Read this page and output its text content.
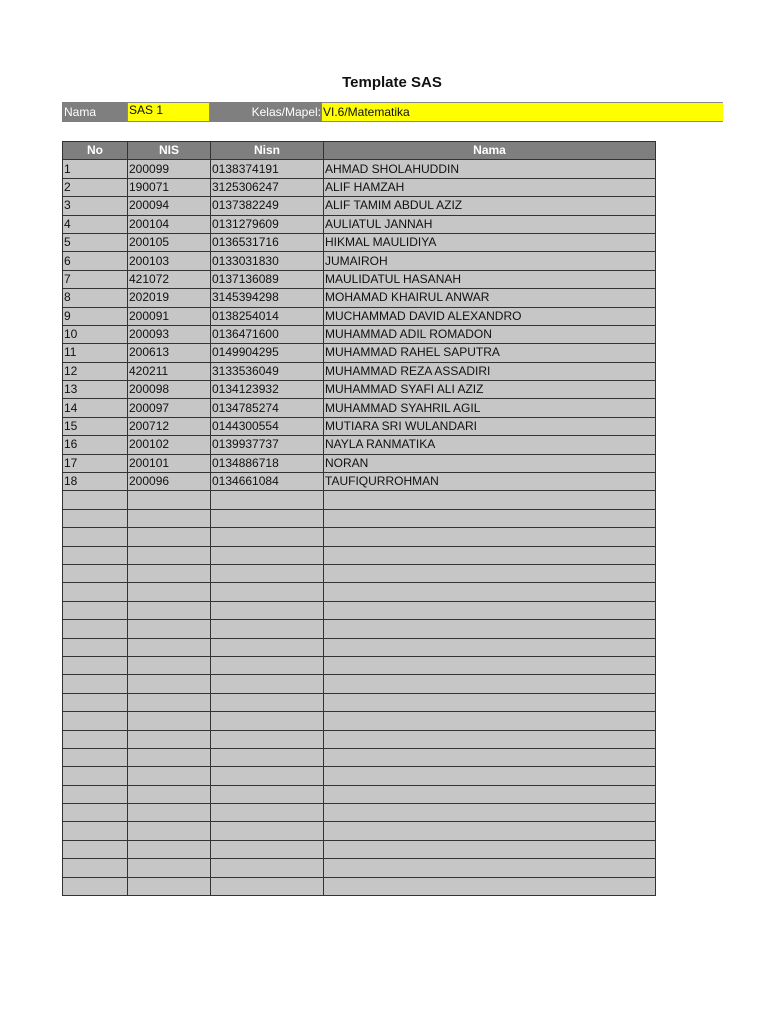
Template SAS
Nama	SAS 1	Kelas/Mapel: VI.6/Matematika
No	NIS	Nisn	Nama
1	200099	0138374191	AHMAD SHOLAHUDDIN
2	190071	3125306247	ALIF HAMZAH
3	200094	0137382249	ALIF TAMIM ABDUL AZIZ
4	200104	0131279609	AULIATUL JANNAH
5	200105	0136531716	HIKMAL MAULIDIYA
6	200103	0133031830	JUMAIROH
7	421072	0137136089	MAULIDATUL HASANAH
8	202019	3145394298	MOHAMAD KHAIRUL ANWAR
9	200091	0138254014	MUCHAMMAD DAVID ALEXANDRO
10	200093	0136471600	MUHAMMAD ADIL ROMADON
11	200613	0149904295	MUHAMMAD RAHEL SAPUTRA
12	420211	3133536049	MUHAMMAD REZA ASSADIRI
13	200098	0134123932	MUHAMMAD SYAFI ALI AZIZ
14	200097	0134785274	MUHAMMAD SYAHRIL AGIL
15	200712	0144300554	MUTIARA SRI WULANDARI
16	200102	0139937737	NAYLA RANMATIKA
17	200101	0134886718	NORAN
18	200096	0134661084	TAUFIQURROHMAN
